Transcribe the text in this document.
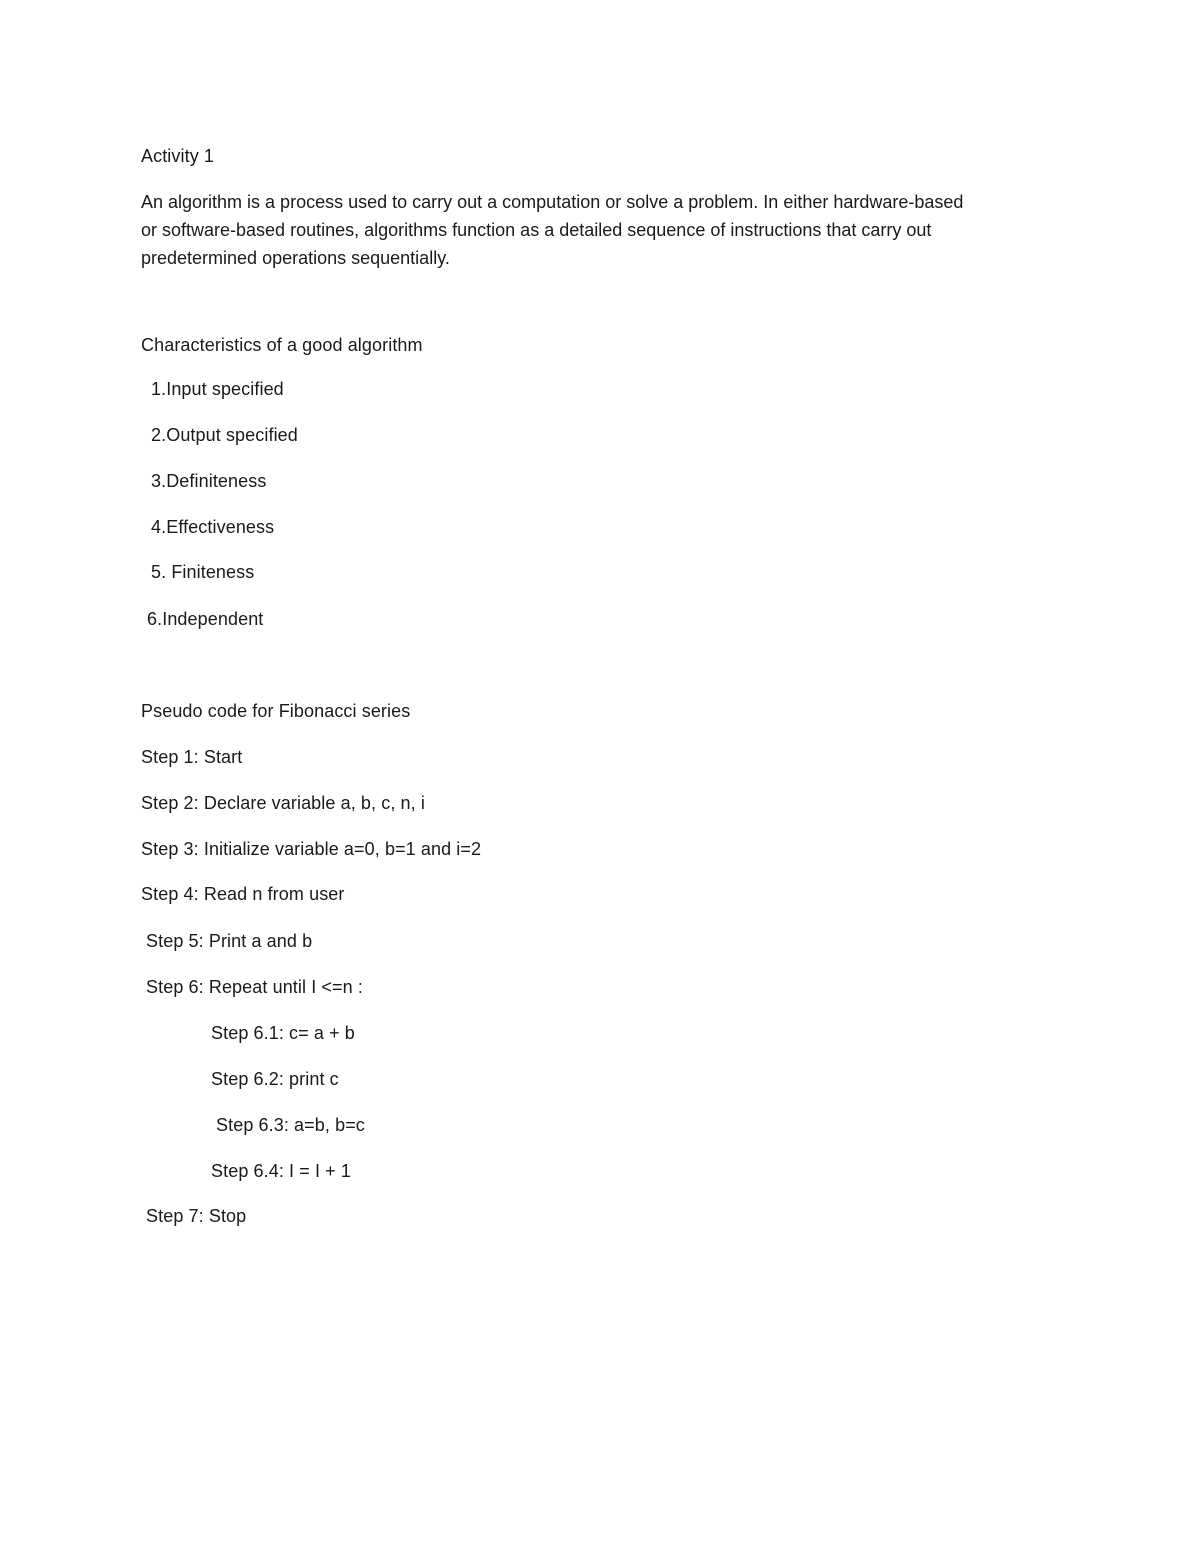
Activity 1
An algorithm is a process used to carry out a computation or solve a problem. In either hardware-based
or software-based routines, algorithms function as a detailed sequence of instructions that carry out
predetermined operations sequentially.
Characteristics of a good algorithm
1.Input specified
2.Output specified
3.Definiteness
4.Effectiveness
5. Finiteness
6.Independent
Pseudo code for Fibonacci series
Step 1: Start
Step 2: Declare variable a, b, c, n, i
Step 3: Initialize variable a=0, b=1 and i=2
Step 4: Read n from user
Step 5: Print a and b
Step 6: Repeat until I <=n :
Step 6.1: c= a + b
Step 6.2: print c
Step 6.3: a=b, b=c
Step 6.4: I = I + 1
Step 7: Stop
